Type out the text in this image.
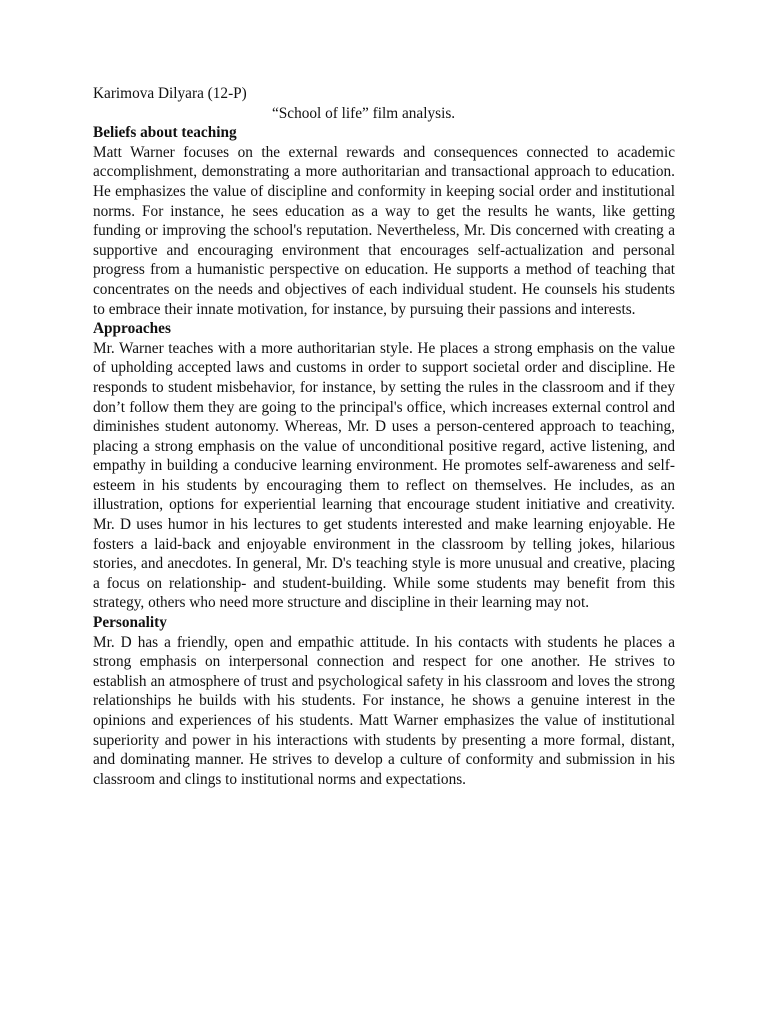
Karimova Dilyara (12-P)
“School of life” film analysis.
Beliefs about teaching
Matt Warner focuses on the external rewards and consequences connected to academic accomplishment, demonstrating a more authoritarian and transactional approach to education. He emphasizes the value of discipline and conformity in keeping social order and institutional norms. For instance, he sees education as a way to get the results he wants, like getting funding or improving the school's reputation. Nevertheless, Mr. Dis concerned with creating a supportive and encouraging environment that encourages self-actualization and personal progress from a humanistic perspective on education. He supports a method of teaching that concentrates on the needs and objectives of each individual student. He counsels his students to embrace their innate motivation, for instance, by pursuing their passions and interests.
Approaches
Mr. Warner teaches with a more authoritarian style. He places a strong emphasis on the value of upholding accepted laws and customs in order to support societal order and discipline. He responds to student misbehavior, for instance, by setting the rules in the classroom and if they don’t follow them they are going to the principal's office, which increases external control and diminishes student autonomy. Whereas, Mr. D uses a person-centered approach to teaching, placing a strong emphasis on the value of unconditional positive regard, active listening, and empathy in building a conducive learning environment. He promotes self-awareness and self-esteem in his students by encouraging them to reflect on themselves. He includes, as an illustration, options for experiential learning that encourage student initiative and creativity. Mr. D uses humor in his lectures to get students interested and make learning enjoyable. He fosters a laid-back and enjoyable environment in the classroom by telling jokes, hilarious stories, and anecdotes. In general, Mr. D's teaching style is more unusual and creative, placing a focus on relationship- and student-building. While some students may benefit from this strategy, others who need more structure and discipline in their learning may not.
Personality
Mr. D has a friendly, open and empathic attitude. In his contacts with students he places a strong emphasis on interpersonal connection and respect for one another. He strives to establish an atmosphere of trust and psychological safety in his classroom and loves the strong relationships he builds with his students. For instance, he shows a genuine interest in the opinions and experiences of his students. Matt Warner emphasizes the value of institutional superiority and power in his interactions with students by presenting a more formal, distant, and dominating manner. He strives to develop a culture of conformity and submission in his classroom and clings to institutional norms and expectations.
